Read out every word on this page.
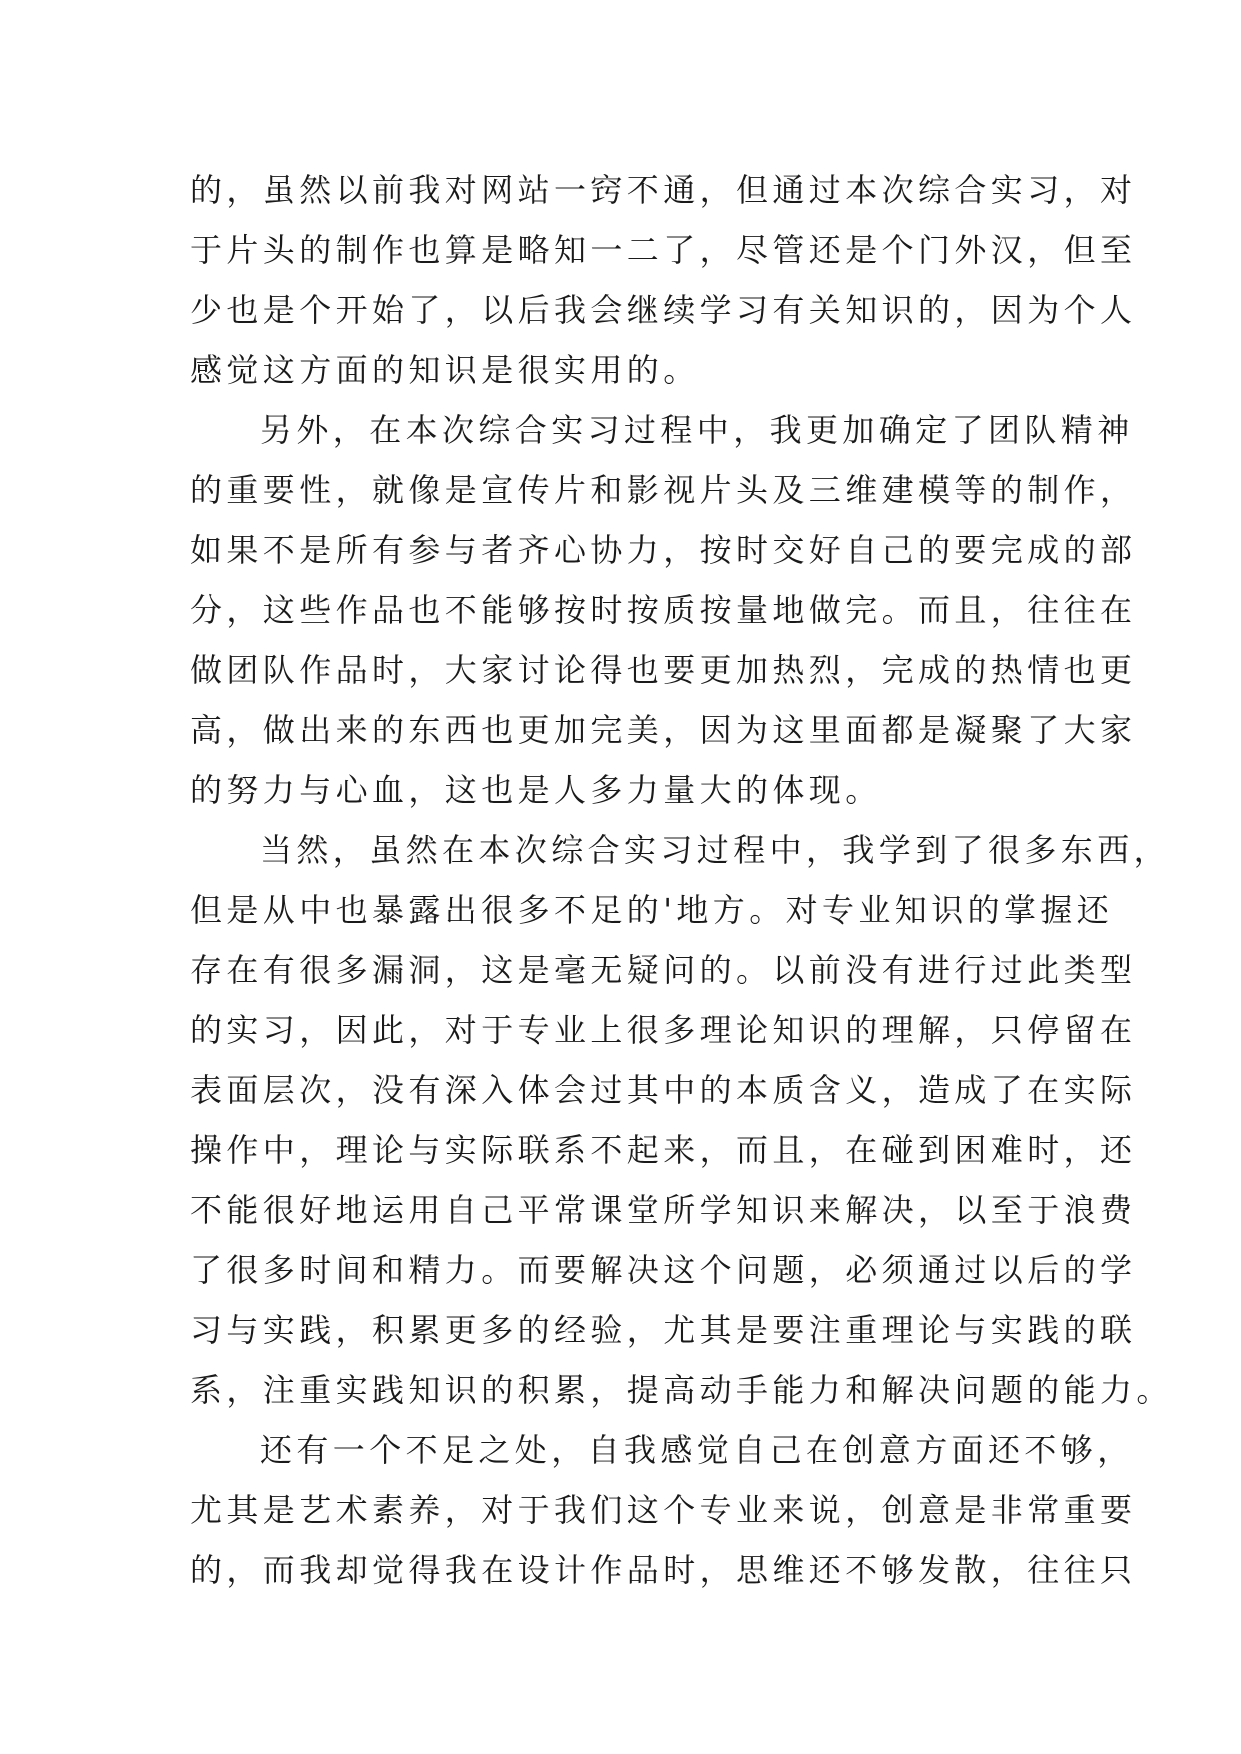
的，虽然以前我对网站一窍不通，但通过本次综合实习，对
于片头的制作也算是略知一二了，尽管还是个门外汉，但至
少也是个开始了，以后我会继续学习有关知识的，因为个人
感觉这方面的知识是很实用的。
另外，在本次综合实习过程中，我更加确定了团队精神
的重要性，就像是宣传片和影视片头及三维建模等的制作，
如果不是所有参与者齐心协力，按时交好自己的要完成的部
分，这些作品也不能够按时按质按量地做完。而且，往往在
做团队作品时，大家讨论得也要更加热烈，完成的热情也更
高，做出来的东西也更加完美，因为这里面都是凝聚了大家
的努力与心血，这也是人多力量大的体现。
当然，虽然在本次综合实习过程中，我学到了很多东西，
但是从中也暴露出很多不足的'地方。对专业知识的掌握还
存在有很多漏洞，这是毫无疑问的。以前没有进行过此类型
的实习，因此，对于专业上很多理论知识的理解，只停留在
表面层次，没有深入体会过其中的本质含义，造成了在实际
操作中，理论与实际联系不起来，而且，在碰到困难时，还
不能很好地运用自己平常课堂所学知识来解决，以至于浪费
了很多时间和精力。而要解决这个问题，必须通过以后的学
习与实践，积累更多的经验，尤其是要注重理论与实践的联
系，注重实践知识的积累，提高动手能力和解决问题的能力。
还有一个不足之处，自我感觉自己在创意方面还不够，
尤其是艺术素养，对于我们这个专业来说，创意是非常重要
的，而我却觉得我在设计作品时，思维还不够发散，往往只
